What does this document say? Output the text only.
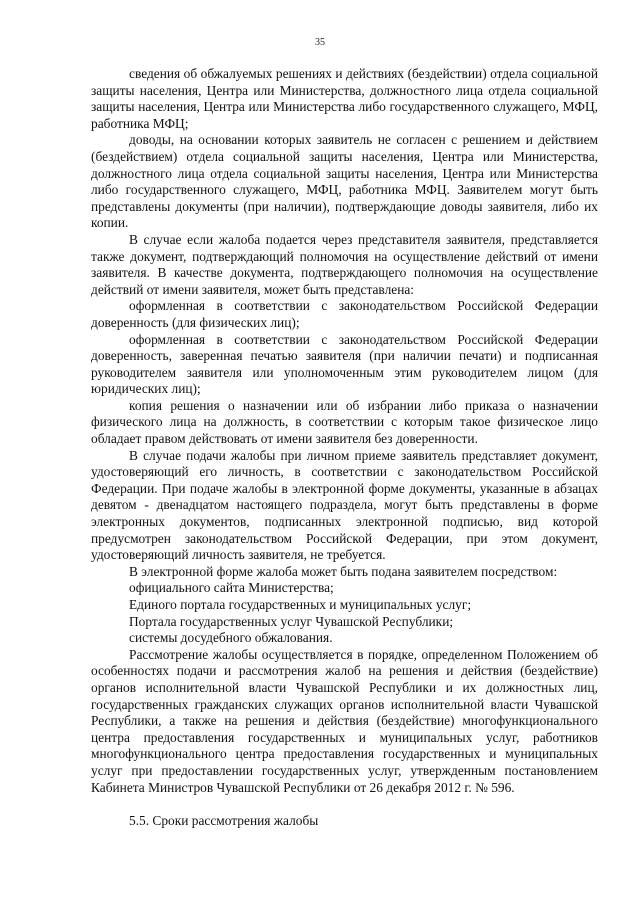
35

сведения об обжалуемых решениях и действиях (бездействии) отдела социальной защиты населения, Центра или Министерства, должностного лица отдела социальной защиты населения, Центра или Министерства либо государственного служащего, МФЦ, работника МФЦ;

доводы, на основании которых заявитель не согласен с решением и действием (бездействием) отдела социальной защиты населения, Центра или Министерства, должностного лица отдела социальной защиты населения, Центра или Министерства либо государственного служащего, МФЦ, работника МФЦ. Заявителем могут быть представлены документы (при наличии), подтверждающие доводы заявителя, либо их копии.

В случае если жалоба подается через представителя заявителя, представляется также документ, подтверждающий полномочия на осуществление действий от имени заявителя. В качестве документа, подтверждающего полномочия на осуществление действий от имени заявителя, может быть представлена:

оформленная в соответствии с законодательством Российской Федерации доверенность (для физических лиц);

оформленная в соответствии с законодательством Российской Федерации доверенность, заверенная печатью заявителя (при наличии печати) и подписанная руководителем заявителя или уполномоченным этим руководителем лицом (для юридических лиц);

копия решения о назначении или об избрании либо приказа о назначении физического лица на должность, в соответствии с которым такое физическое лицо обладает правом действовать от имени заявителя без доверенности.

В случае подачи жалобы при личном приеме заявитель представляет документ, удостоверяющий его личность, в соответствии с законодательством Российской Федерации. При подаче жалобы в электронной форме документы, указанные в абзацах девятом - двенадцатом настоящего подраздела, могут быть представлены в форме электронных документов, подписанных электронной подписью, вид которой предусмотрен законодательством Российской Федерации, при этом документ, удостоверяющий личность заявителя, не требуется.

В электронной форме жалоба может быть подана заявителем посредством:

официального сайта Министерства;

Единого портала государственных и муниципальных услуг;

Портала государственных услуг Чувашской Республики;

системы досудебного обжалования.

Рассмотрение жалобы осуществляется в порядке, определенном Положением об особенностях подачи и рассмотрения жалоб на решения и действия (бездействие) органов исполнительной власти Чувашской Республики и их должностных лиц, государственных гражданских служащих органов исполнительной власти Чувашской Республики, а также на решения и действия (бездействие) многофункционального центра предоставления государственных и муниципальных услуг, работников многофункционального центра предоставления государственных и муниципальных услуг при предоставлении государственных услуг, утвержденным постановлением Кабинета Министров Чувашской Республики от 26 декабря 2012 г. № 596.

5.5. Сроки рассмотрения жалобы
